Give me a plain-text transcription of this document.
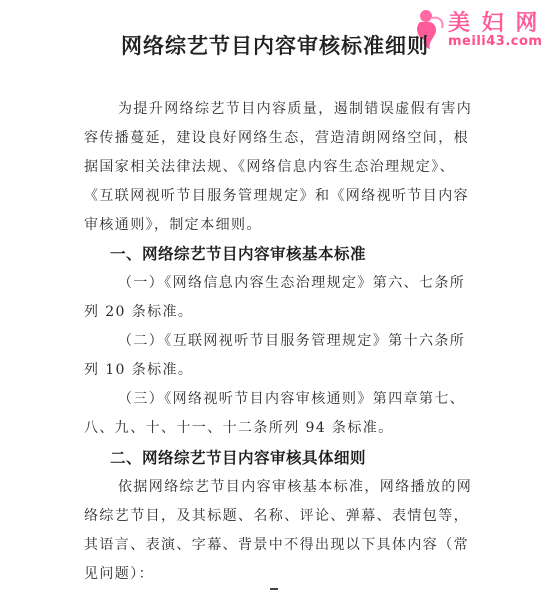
美 妇 网
meili43.com
网络综艺节目内容审核标准细则
为提升网络综艺节目内容质量，遏制错误虚假有害内
容传播蔓延，建设良好网络生态，营造清朗网络空间，根
据国家相关法律法规、《网络信息内容生态治理规定》、
《互联网视听节目服务管理规定》和《网络视听节目内容
审核通则》，制定本细则。
一、网络综艺节目内容审核基本标准
（一）《网络信息内容生态治理规定》第六、七条所
列 20 条标准。
（二）《互联网视听节目服务管理规定》第十六条所
列 10 条标准。
（三）《网络视听节目内容审核通则》第四章第七、
八、九、十、十一、十二条所列 94 条标准。
二、网络综艺节目内容审核具体细则
依据网络综艺节目内容审核基本标准，网络播放的网
络综艺节目，及其标题、名称、评论、弹幕、表情包等，
其语言、表演、字幕、背景中不得出现以下具体内容（常
见问题）：
